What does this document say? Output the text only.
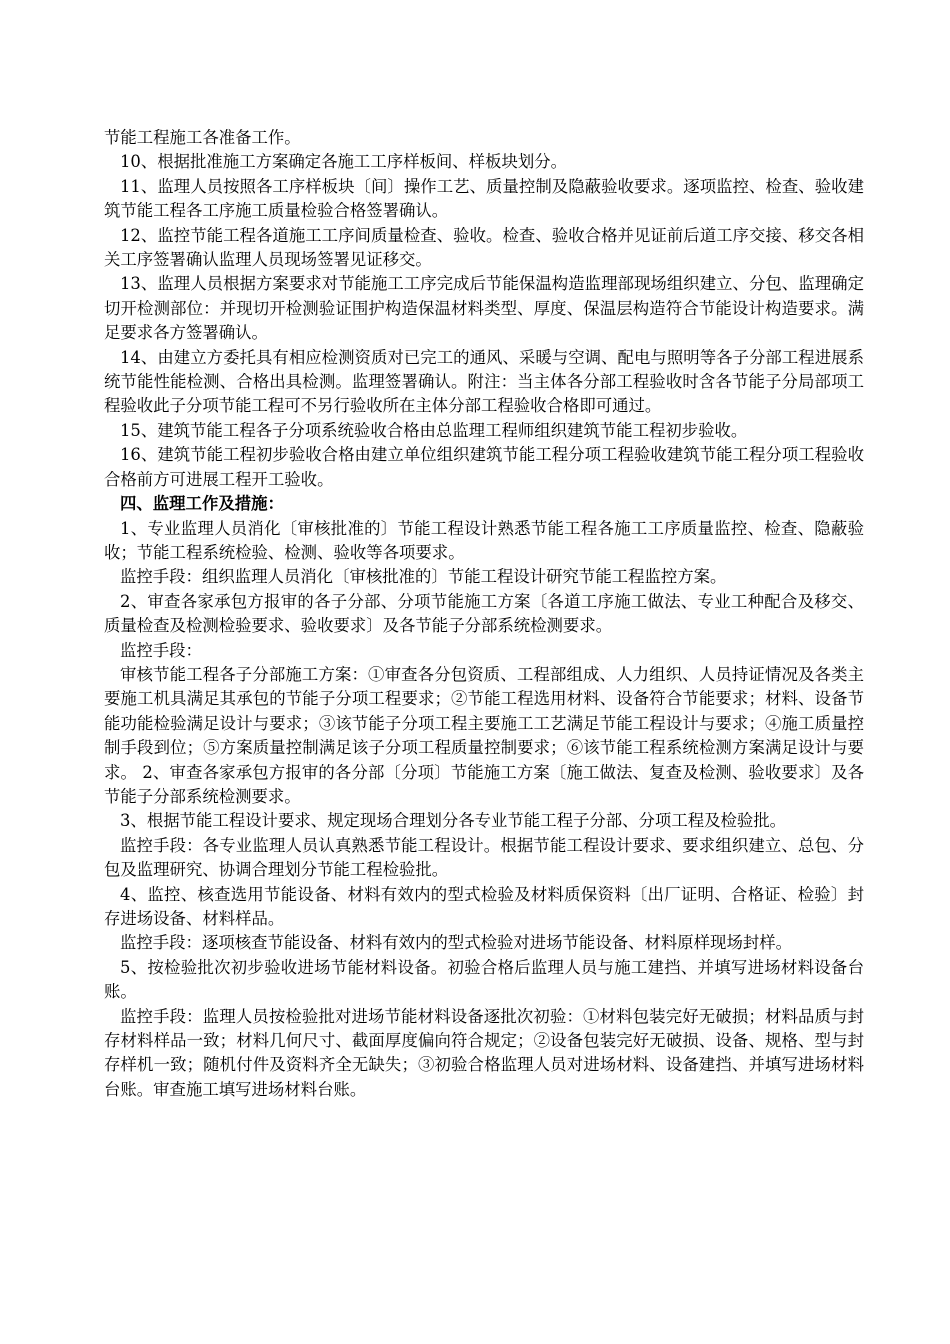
节能工程施工各准备工作。

10、根据批准施工方案确定各施工工序样板间、样板块划分。

11、监理人员按照各工序样板块〔间〕操作工艺、质量控制及隐蔽验收要求。逐项监控、检查、验收建筑节能工程各工序施工质量检验合格签署确认。

12、监控节能工程各道施工工序间质量检查、验收。检查、验收合格并见证前后道工序交接、移交各相关工序签署确认监理人员现场签署见证移交。

13、监理人员根据方案要求对节能施工工序完成后节能保温构造监理部现场组织建立、分包、监理确定切开检测部位：并现切开检测验证围护构造保温材料类型、厚度、保温层构造符合节能设计构造要求。满足要求各方签署确认。

14、由建立方委托具有相应检测资质对已完工的通风、采暖与空调、配电与照明等各子分部工程进展系统节能性能检测、合格出具检测。监理签署确认。附注：当主体各分部工程验收时含各节能子分局部项工程验收此子分项节能工程可不另行验收所在主体分部工程验收合格即可通过。

15、建筑节能工程各子分项系统验收合格由总监理工程师组织建筑节能工程初步验收。

16、建筑节能工程初步验收合格由建立单位组织建筑节能工程分项工程验收建筑节能工程分项工程验收合格前方可进展工程开工验收。

四、监理工作及措施：

1、专业监理人员消化〔审核批准的〕节能工程设计熟悉节能工程各施工工序质量监控、检查、隐蔽验收；节能工程系统检验、检测、验收等各项要求。

监控手段：组织监理人员消化〔审核批准的〕节能工程设计研究节能工程监控方案。

2、审查各家承包方报审的各子分部、分项节能施工方案〔各道工序施工做法、专业工种配合及移交、质量检查及检测检验要求、验收要求〕及各节能子分部系统检测要求。

监控手段：

审核节能工程各子分部施工方案：①审查各分包资质、工程部组成、人力组织、人员持证情况及各类主要施工机具满足其承包的节能子分项工程要求；②节能工程选用材料、设备符合节能要求；材料、设备节能功能检验满足设计与要求；③该节能子分项工程主要施工工艺满足节能工程设计与要求；④施工质量控制手段到位；⑤方案质量控制满足该子分项工程质量控制要求；⑥该节能工程系统检测方案满足设计与要求。 2、审查各家承包方报审的各分部〔分项〕节能施工方案〔施工做法、复查及检测、验收要求〕及各节能子分部系统检测要求。

3、根据节能工程设计要求、规定现场合理划分各专业节能工程子分部、分项工程及检验批。

监控手段：各专业监理人员认真熟悉节能工程设计。根据节能工程设计要求、要求组织建立、总包、分包及监理研究、协调合理划分节能工程检验批。

4、监控、核查选用节能设备、材料有效内的型式检验及材料质保资料〔出厂证明、合格证、检验〕封存进场设备、材料样品。

监控手段：逐项核查节能设备、材料有效内的型式检验对进场节能设备、材料原样现场封样。

5、按检验批次初步验收进场节能材料设备。初验合格后监理人员与施工建挡、并填写进场材料设备台账。

监控手段：监理人员按检验批对进场节能材料设备逐批次初验：①材料包装完好无破损；材料品质与封存材料样品一致；材料几何尺寸、截面厚度偏向符合规定；②设备包装完好无破损、设备、规格、型与封存样机一致；随机付件及资料齐全无缺失；③初验合格监理人员对进场材料、设备建挡、并填写进场材料台账。审查施工填写进场材料台账。
